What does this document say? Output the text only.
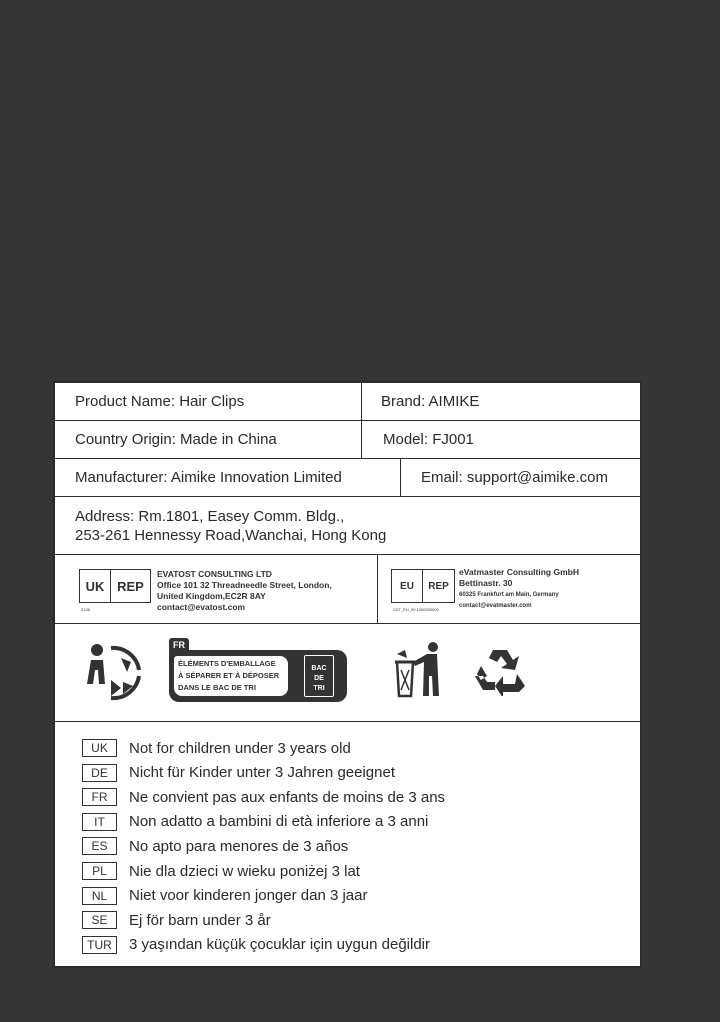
Product Name: Hair Clips	Brand: AIMIKE
Country Origin: Made in China	Model: FJ001
Manufacturer: Aimike Innovation Limited	Email: support@aimike.com
Address: Rm.1801, Easey Comm. Bldg.,
253-261 Hennessy Road,Wanchai, Hong Kong
UK REP
EVATOST CONSULTING LTD
Office 101 32 Threadneedle Street, London,
United Kingdom,EC2R 8AY
contact@evatost.com
0136
EU	REP
eVatmaster Consulting GmbH
Bettinastr. 30
60325 Frankfurt am Main, Germany
contact@evatmaster.com
CKT_EU_00 1000000000
FR
ÉLÉMENTS D'EMBALLAGE
À SÉPARER ET À DÉPOSER
DANS LE BAC DE TRI
BAC
DE
TRI
UK	Not for children under 3 years old
DE	Nicht für Kinder unter 3 Jahren geeignet
FR	Ne convient pas aux enfants de moins de 3 ans
IT	Non adatto a bambini di età inferiore a 3 anni
ES	No apto para menores de 3 años
PL	Nie dla dzieci w wieku poniżej 3 lat
NL	Niet voor kinderen jonger dan 3 jaar
SE	Ej för barn under 3 år
TUR	3 yaşından küçük çocuklar için uygun değildir
